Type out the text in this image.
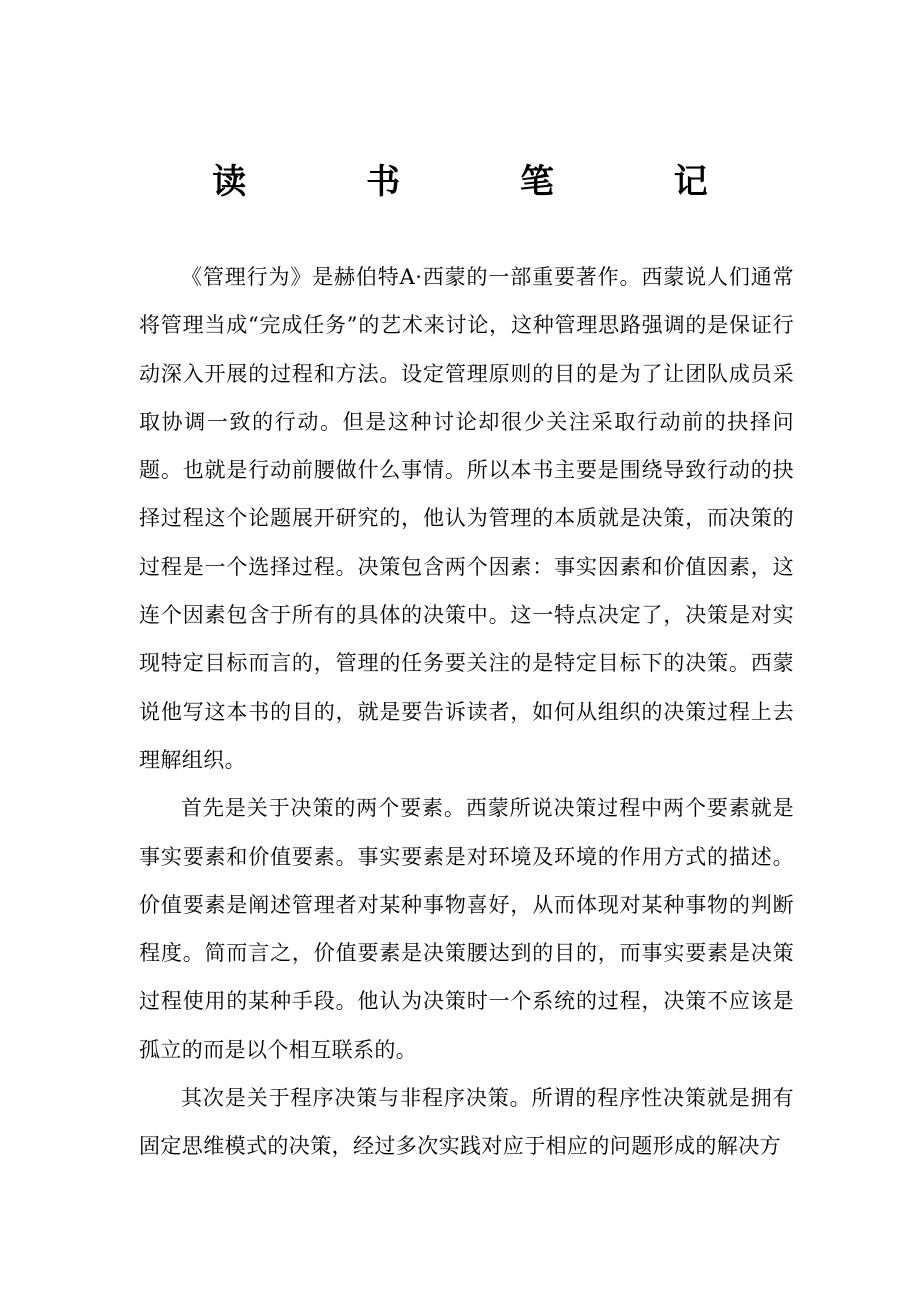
读 书 笔 记

《管理行为》是赫伯特A·西蒙的一部重要著作。西蒙说人们通常将管理当成“完成任务”的艺术来讨论，这种管理思路强调的是保证行动深入开展的过程和方法。设定管理原则的目的是为了让团队成员采取协调一致的行动。但是这种讨论却很少关注采取行动前的抉择问题。也就是行动前腰做什么事情。所以本书主要是围绕导致行动的抉择过程这个论题展开研究的，他认为管理的本质就是决策，而决策的过程是一个选择过程。决策包含两个因素：事实因素和价值因素，这连个因素包含于所有的具体的决策中。这一特点决定了，决策是对实现特定目标而言的，管理的任务要关注的是特定目标下的决策。西蒙说他写这本书的目的，就是要告诉读者，如何从组织的决策过程上去理解组织。

首先是关于决策的两个要素。西蒙所说决策过程中两个要素就是事实要素和价值要素。事实要素是对环境及环境的作用方式的描述。价值要素是阐述管理者对某种事物喜好，从而体现对某种事物的判断程度。简而言之，价值要素是决策腰达到的目的，而事实要素是决策过程使用的某种手段。他认为决策时一个系统的过程，决策不应该是孤立的而是以个相互联系的。

其次是关于程序决策与非程序决策。所谓的程序性决策就是拥有固定思维模式的决策，经过多次实践对应于相应的问题形成的解决方
